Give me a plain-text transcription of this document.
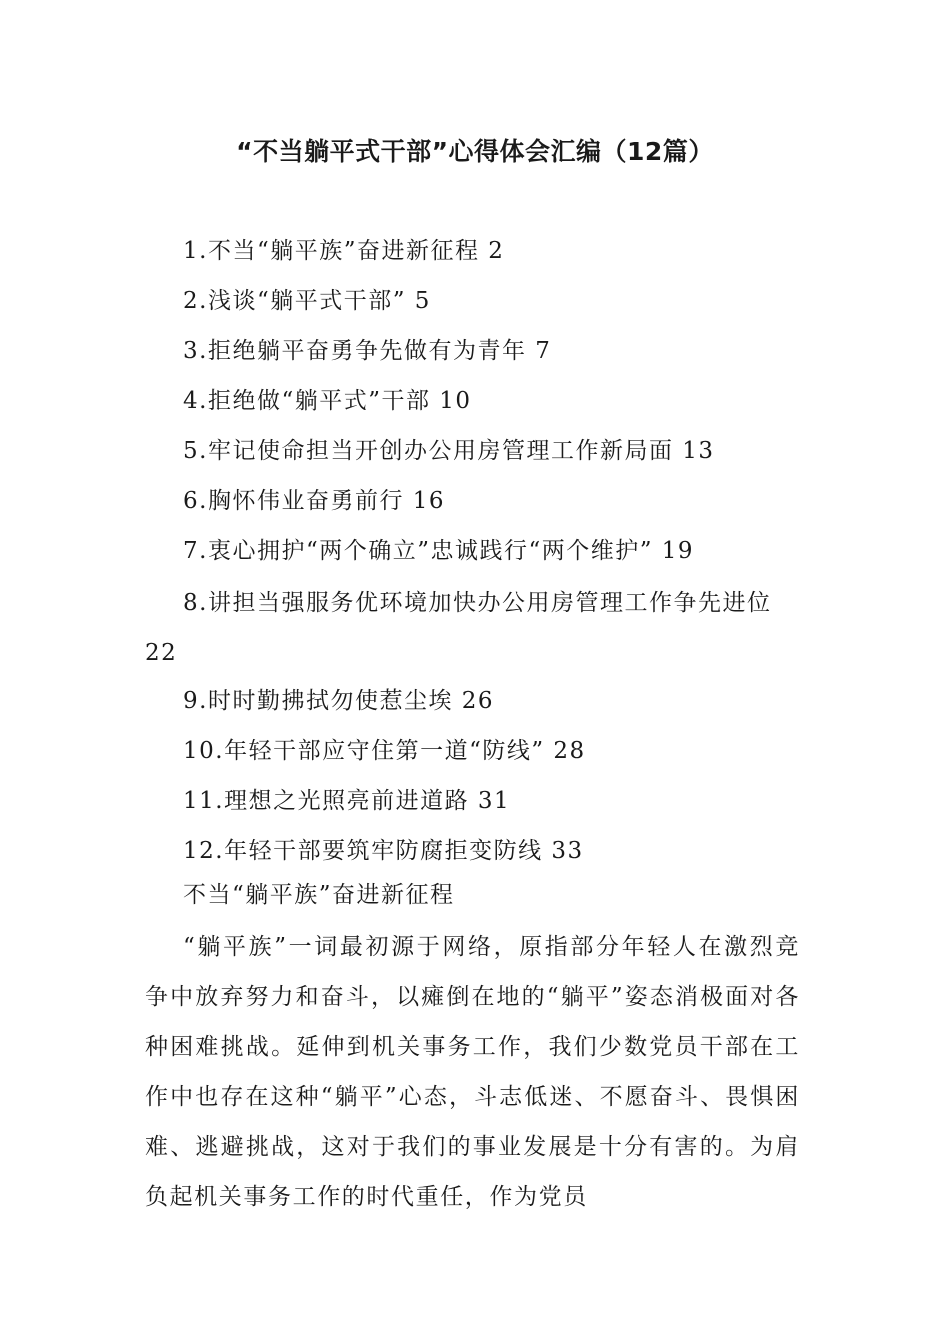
“不当躺平式干部”心得体会汇编（12篇）
1.不当“躺平族”奋进新征程 2
2.浅谈“躺平式干部” 5
3.拒绝躺平奋勇争先做有为青年 7
4.拒绝做“躺平式”干部 10
5.牢记使命担当开创办公用房管理工作新局面 13
6.胸怀伟业奋勇前行 16
7.衷心拥护“两个确立”忠诚践行“两个维护” 19
8.讲担当强服务优环境加快办公用房管理工作争先进位 22
9.时时勤拂拭勿使惹尘埃 26
10.年轻干部应守住第一道“防线” 28
11.理想之光照亮前进道路 31
12.年轻干部要筑牢防腐拒变防线 33
不当“躺平族”奋进新征程

“躺平族”一词最初源于网络，原指部分年轻人在激烈竞争中放弃努力和奋斗，以瘫倒在地的“躺平”姿态消极面对各种困难挑战。延伸到机关事务工作，我们少数党员干部在工作中也存在这种“躺平”心态，斗志低迷、不愿奋斗、畏惧困难、逃避挑战，这对于我们的事业发展是十分有害的。为肩负起机关事务工作的时代重任，作为党员
